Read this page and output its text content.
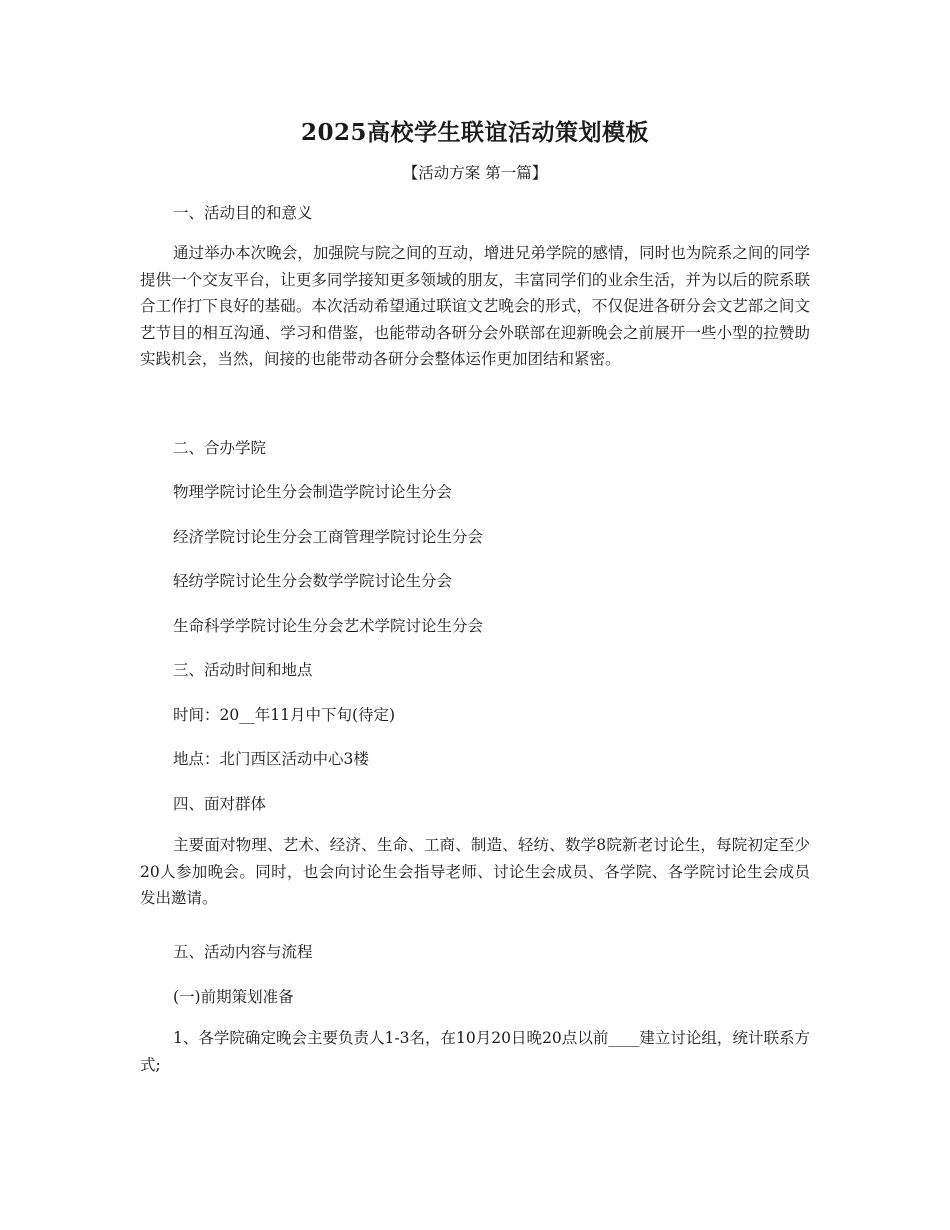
2025高校学生联谊活动策划模板

【活动方案 第一篇】

一、活动目的和意义

通过举办本次晚会，加强院与院之间的互动，增进兄弟学院的感情，同时也为院系之间的同学提供一个交友平台，让更多同学接知更多领域的朋友，丰富同学们的业余生活，并为以后的院系联合工作打下良好的基础。本次活动希望通过联谊文艺晚会的形式，不仅促进各研分会文艺部之间文艺节目的相互沟通、学习和借鉴，也能带动各研分会外联部在迎新晚会之前展开一些小型的拉赞助实践机会，当然，间接的也能带动各研分会整体运作更加团结和紧密。

二、合办学院

物理学院讨论生分会制造学院讨论生分会

经济学院讨论生分会工商管理学院讨论生分会

轻纺学院讨论生分会数学学院讨论生分会

生命科学学院讨论生分会艺术学院讨论生分会

三、活动时间和地点

时间：20__年11月中下旬(待定)

地点：北门西区活动中心3楼

四、面对群体

主要面对物理、艺术、经济、生命、工商、制造、轻纺、数学8院新老讨论生，每院初定至少20人参加晚会。同时，也会向讨论生会指导老师、讨论生会成员、各学院、各学院讨论生会成员发出邀请。

五、活动内容与流程

(一)前期策划准备

1、各学院确定晚会主要负责人1-3名，在10月20日晚20点以前____建立讨论组，统计联系方式;
